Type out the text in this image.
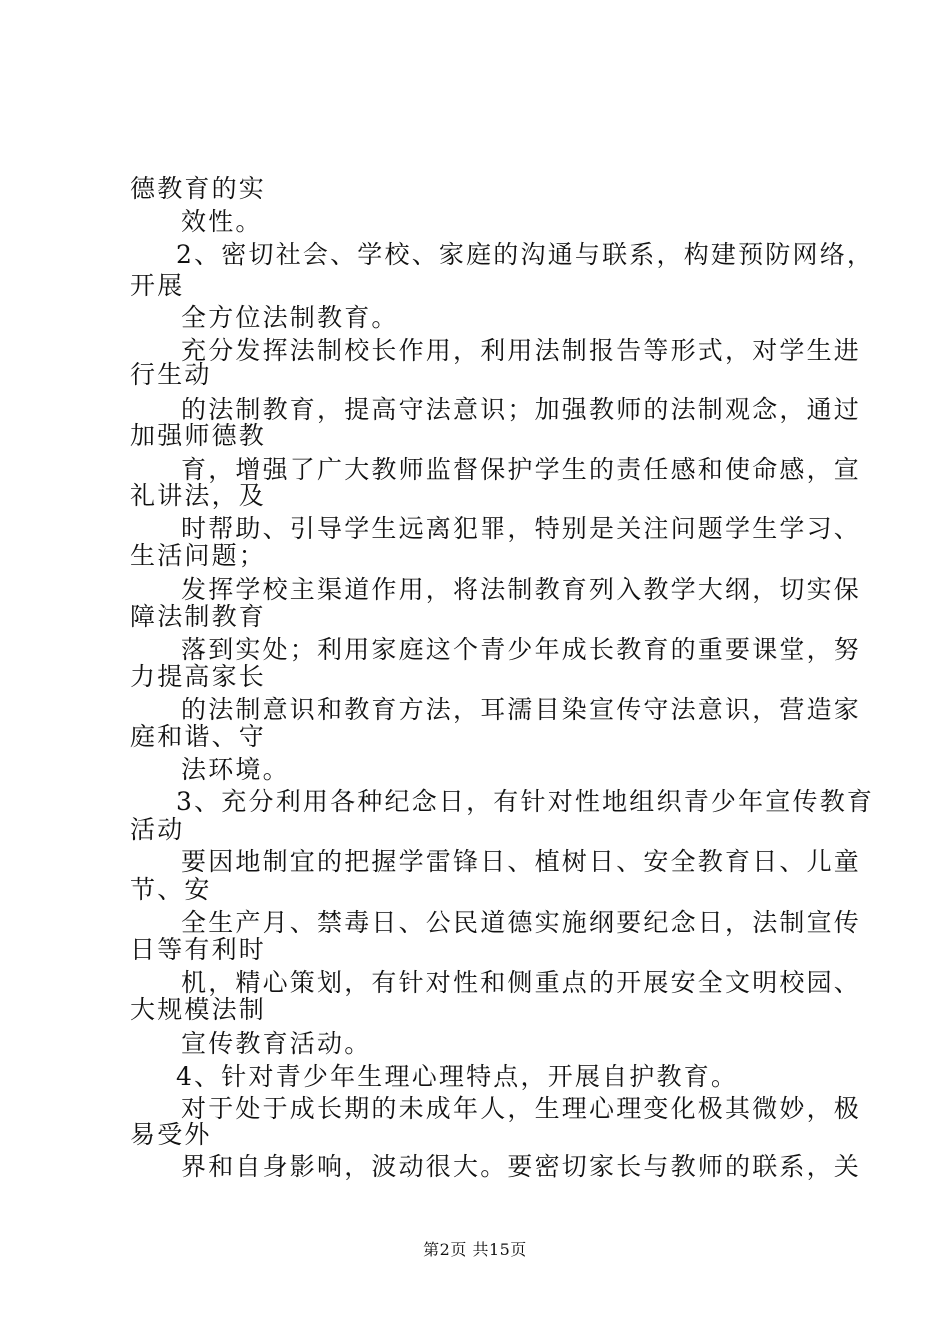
德教育的实
效性。
2、密切社会、学校、家庭的沟通与联系，构建预防网络，
开展
全方位法制教育。
充分发挥法制校长作用，利用法制报告等形式，对学生进
行生动
的法制教育，提高守法意识；加强教师的法制观念，通过
加强师德教
育，增强了广大教师监督保护学生的责任感和使命感，宣
礼讲法，及
时帮助、引导学生远离犯罪，特别是关注问题学生学习、
生活问题；
发挥学校主渠道作用，将法制教育列入教学大纲，切实保
障法制教育
落到实处；利用家庭这个青少年成长教育的重要课堂，努
力提高家长
的法制意识和教育方法，耳濡目染宣传守法意识，营造家
庭和谐、守
法环境。
3、充分利用各种纪念日，有针对性地组织青少年宣传教育
活动
要因地制宜的把握学雷锋日、植树日、安全教育日、儿童
节、安
全生产月、禁毒日、公民道德实施纲要纪念日，法制宣传
日等有利时
机，精心策划，有针对性和侧重点的开展安全文明校园、
大规模法制
宣传教育活动。
4、针对青少年生理心理特点，开展自护教育。
对于处于成长期的未成年人，生理心理变化极其微妙，极
易受外
界和自身影响，波动很大。要密切家长与教师的联系，关
第2页 共15页
